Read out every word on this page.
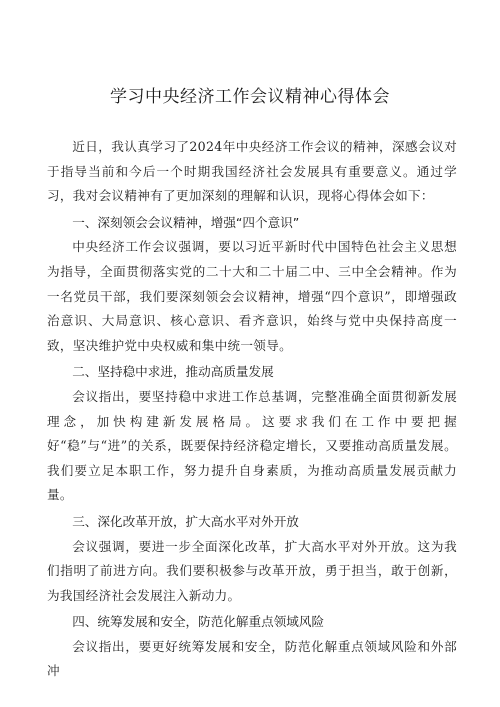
学习中央经济工作会议精神心得体会

近日，我认真学习了2024年中央经济工作会议的精神，深感会议对于指导当前和今后一个时期我国经济社会发展具有重要意义。通过学习，我对会议精神有了更加深刻的理解和认识，现将心得体会如下：

一、深刻领会会议精神，增强“四个意识”

中央经济工作会议强调，要以习近平新时代中国特色社会主义思想为指导，全面贯彻落实党的二十大和二十届二中、三中全会精神。作为一名党员干部，我们要深刻领会会议精神，增强“四个意识”，即增强政治意识、大局意识、核心意识、看齐意识，始终与党中央保持高度一致，坚决维护党中央权威和集中统一领导。

二、坚持稳中求进，推动高质量发展

会议指出，要坚持稳中求进工作总基调，完整准确全面贯彻新发展理念，加快构建新发展格局。这要求我们在工作中要把握好“稳”与“进”的关系，既要保持经济稳定增长，又要推动高质量发展。我们要立足本职工作，努力提升自身素质，为推动高质量发展贡献力量。

三、深化改革开放，扩大高水平对外开放

会议强调，要进一步全面深化改革，扩大高水平对外开放。这为我们指明了前进方向。我们要积极参与改革开放，勇于担当，敢于创新，为我国经济社会发展注入新动力。

四、统筹发展和安全，防范化解重点领域风险

会议指出，要更好统筹发展和安全，防范化解重点领域风险和外部冲
